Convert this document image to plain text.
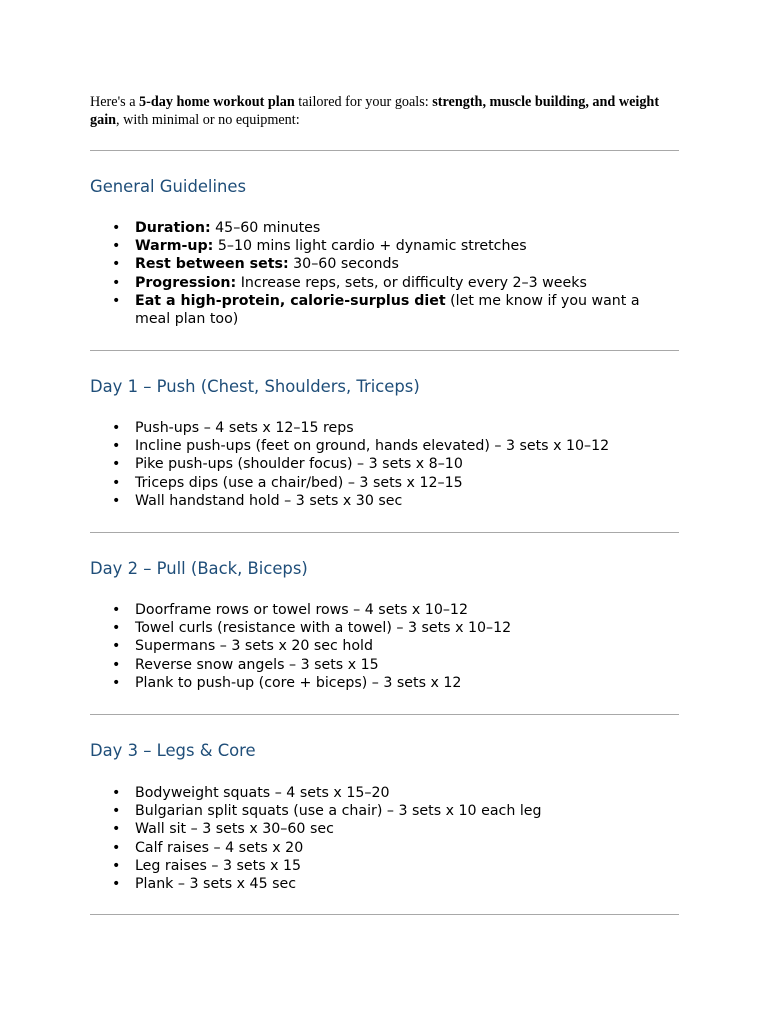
Here's a 5-day home workout plan tailored for your goals: strength, muscle building, and weight gain, with minimal or no equipment:

General Guidelines
• Duration: 45–60 minutes
• Warm-up: 5–10 mins light cardio + dynamic stretches
• Rest between sets: 30–60 seconds
• Progression: Increase reps, sets, or difficulty every 2–3 weeks
• Eat a high-protein, calorie-surplus diet (let me know if you want a meal plan too)
Day 1 – Push (Chest, Shoulders, Triceps)
• Push-ups – 4 sets x 12–15 reps
• Incline push-ups (feet on ground, hands elevated) – 3 sets x 10–12
• Pike push-ups (shoulder focus) – 3 sets x 8–10
• Triceps dips (use a chair/bed) – 3 sets x 12–15
• Wall handstand hold – 3 sets x 30 sec
Day 2 – Pull (Back, Biceps)
• Doorframe rows or towel rows – 4 sets x 10–12
• Towel curls (resistance with a towel) – 3 sets x 10–12
• Supermans – 3 sets x 20 sec hold
• Reverse snow angels – 3 sets x 15
• Plank to push-up (core + biceps) – 3 sets x 12
Day 3 – Legs & Core
• Bodyweight squats – 4 sets x 15–20
• Bulgarian split squats (use a chair) – 3 sets x 10 each leg
• Wall sit – 3 sets x 30–60 sec
• Calf raises – 4 sets x 20
• Leg raises – 3 sets x 15
• Plank – 3 sets x 45 sec
